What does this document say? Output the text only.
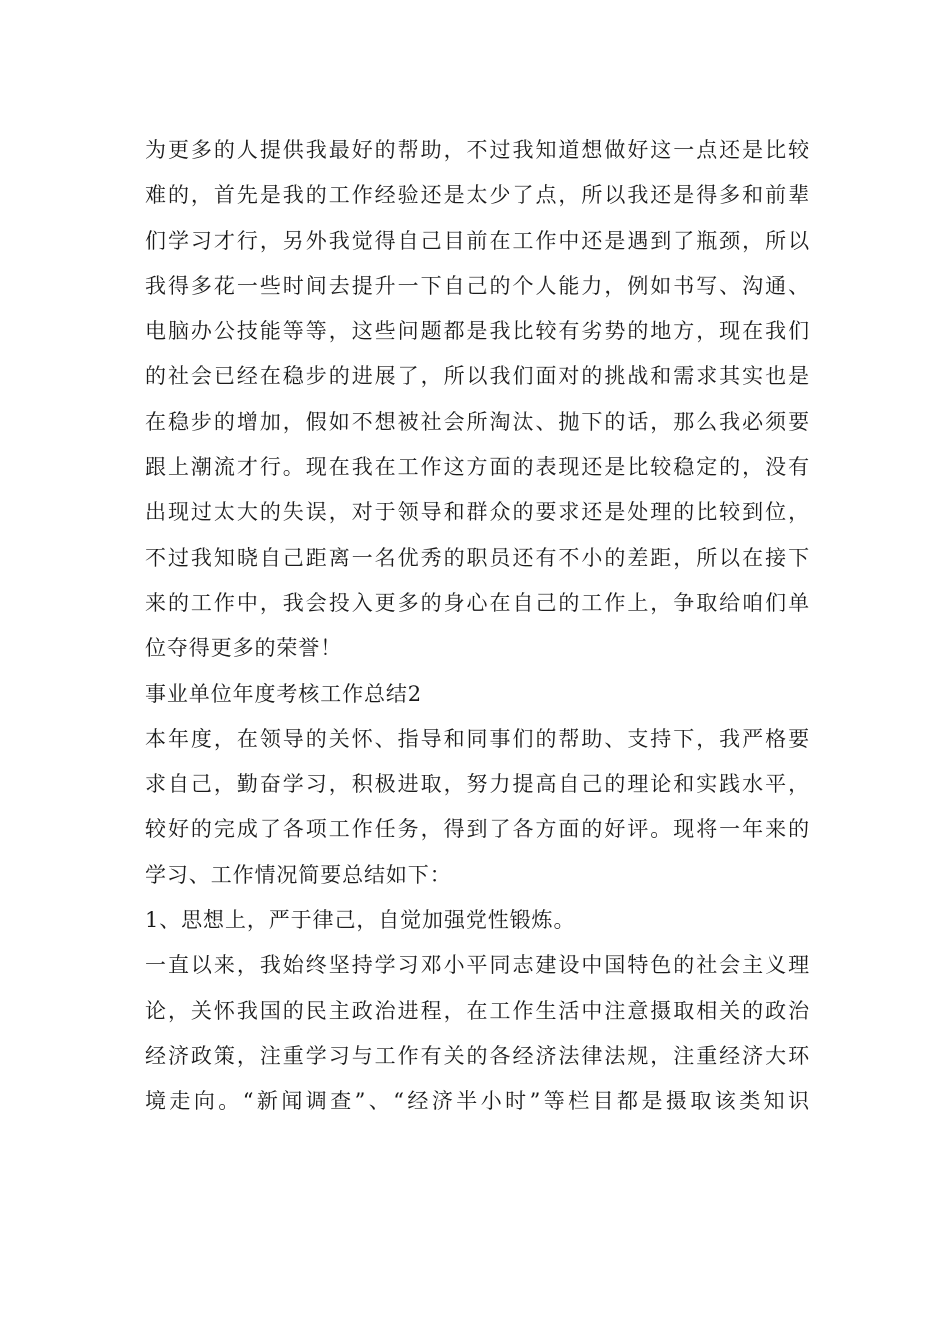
为更多的人提供我最好的帮助，不过我知道想做好这一点还是比较
难的，首先是我的工作经验还是太少了点，所以我还是得多和前辈
们学习才行，另外我觉得自己目前在工作中还是遇到了瓶颈，所以
我得多花一些时间去提升一下自己的个人能力，例如书写、沟通、
电脑办公技能等等，这些问题都是我比较有劣势的地方，现在我们
的社会已经在稳步的进展了，所以我们面对的挑战和需求其实也是
在稳步的增加，假如不想被社会所淘汰、抛下的话，那么我必须要
跟上潮流才行。现在我在工作这方面的表现还是比较稳定的，没有
出现过太大的失误，对于领导和群众的要求还是处理的比较到位，
不过我知晓自己距离一名优秀的职员还有不小的差距，所以在接下
来的工作中，我会投入更多的身心在自己的工作上，争取给咱们单
位夺得更多的荣誉！
事业单位年度考核工作总结2
本年度，在领导的关怀、指导和同事们的帮助、支持下，我严格要
求自己，勤奋学习，积极进取，努力提高自己的理论和实践水平，
较好的完成了各项工作任务，得到了各方面的好评。现将一年来的
学习、工作情况简要总结如下：
1、思想上，严于律己，自觉加强党性锻炼。
一直以来，我始终坚持学习邓小平同志建设中国特色的社会主义理
论，关怀我国的民主政治进程，在工作生活中注意摄取相关的政治
经济政策，注重学习与工作有关的各经济法律法规，注重经济大环
境走向。“新闻调查”、“经济半小时”等栏目都是摄取该类知识
